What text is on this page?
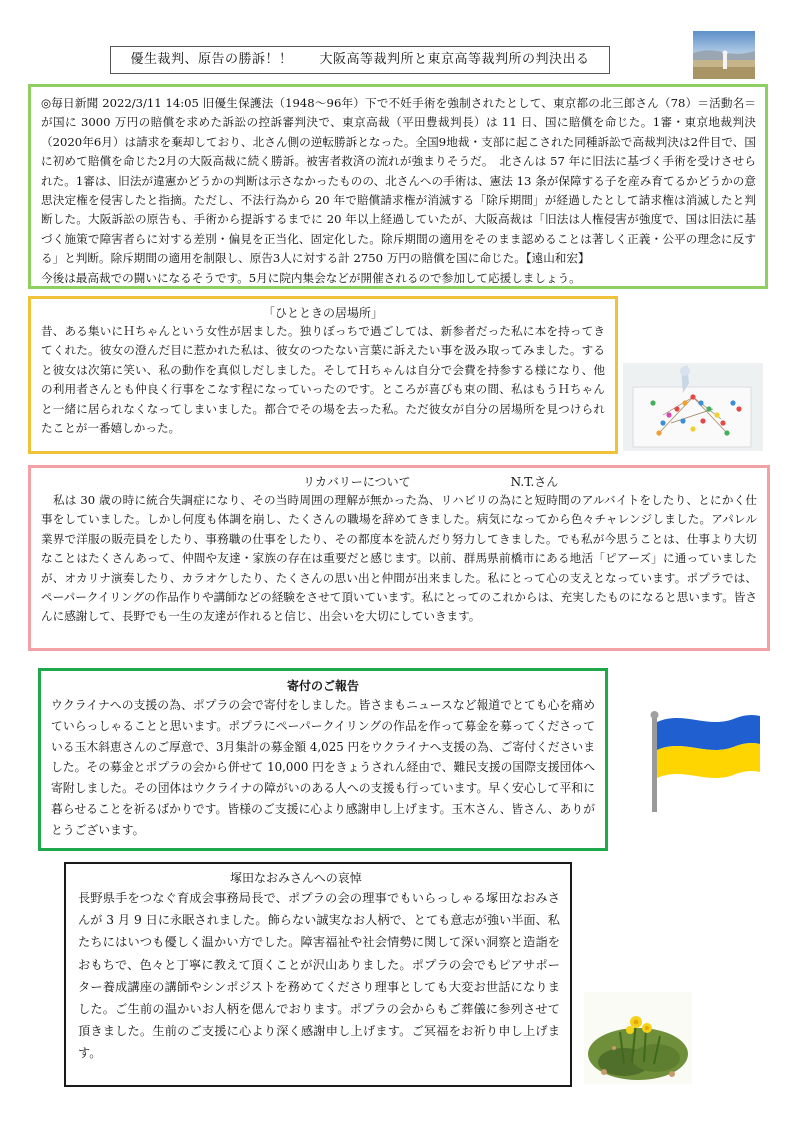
優生裁判、原告の勝訴！！　　大阪高等裁判所と東京高等裁判所の判決出る

◎毎日新聞 2022/3/11 14:05 旧優生保護法（1948〜96年）下で不妊手術を強制されたとして、東京都の北三郎さん（78）＝活動名＝が国に 3000 万円の賠償を求めた訴訟の控訴審判決で、東京高裁（平田豊裁判長）は 11 日、国に賠償を命じた。1審・東京地裁判決（2020年6月）は請求を棄却しており、北さん側の逆転勝訴となった。全国9地裁・支部に起こされた同種訴訟で高裁判決は2件目で、国に初めて賠償を命じた2月の大阪高裁に続く勝訴。被害者救済の流れが強まりそうだ。　北さんは 57 年に旧法に基づく手術を受けさせられた。1審は、旧法が違憲かどうかの判断は示さなかったものの、北さんへの手術は、憲法 13 条が保障する子を産み育てるかどうかの意思決定権を侵害したと指摘。ただし、不法行為から 20 年で賠償請求権が消滅する「除斥期間」が経過したとして請求権は消滅したと判断した。大阪訴訟の原告も、手術から提訴するまでに 20 年以上経過していたが、大阪高裁は「旧法は人権侵害が強度で、国は旧法に基づく施策で障害者らに対する差別・偏見を正当化、固定化した。除斥期間の適用をそのまま認めることは著しく正義・公平の理念に反する」と判断。除斥期間の適用を制限し、原告3人に対する計 2750 万円の賠償を国に命じた。【遠山和宏】

今後は最高裁での闘いになるそうです。5月に院内集会などが開催されるので参加して応援しましょう。

「ひとときの居場所」

昔、ある集いにＨちゃんという女性が居ました。独りぼっちで過ごしては、新参者だった私に本を持ってきてくれた。彼女の澄んだ目に惹かれた私は、彼女のつたない言葉に訴えたい事を汲み取ってみました。すると彼女は次第に笑い、私の動作を真似しだしました。そしてＨちゃんは自分で会費を持参する様になり、他の利用者さんとも仲良く行事をこなす程になっていったのです。ところが喜びも束の間、私はもうＨちゃんと一緒に居られなくなってしまいました。都合でその場を去った私。ただ彼女が自分の居場所を見つけられたことが一番嬉しかった。

リカバリーについて	N.T.さん

私は 30 歳の時に統合失調症になり、その当時周囲の理解が無かった為、リハビリの為にと短時間のアルバイトをしたり、とにかく仕事をしていました。しかし何度も体調を崩し、たくさんの職場を辞めてきました。病気になってから色々チャレンジしました。アパレル業界で洋服の販売員をしたり、事務職の仕事をしたり、その都度本を読んだり努力してきました。でも私が今思うことは、仕事より大切なことはたくさんあって、仲間や友達・家族の存在は重要だと感じます。以前、群馬県前橋市にある地活「ピアーズ」に通っていましたが、オカリナ演奏したり、カラオケしたり、たくさんの思い出と仲間が出来ました。私にとって心の支えとなっています。ポプラでは、ペーパークイリングの作品作りや講師などの経験をさせて頂いています。私にとってのこれからは、充実したものになると思います。皆さんに感謝して、長野でも一生の友達が作れると信じ、出会いを大切にしていきます。

寄付のご報告

ウクライナへの支援の為、ポプラの会で寄付をしました。皆さまもニュースなど報道でとても心を痛めていらっしゃることと思います。ポプラにペーパークイリングの作品を作って募金を募ってくださっている玉木斜恵さんのご厚意で、3月集計の募金額 4,025 円をウクライナへ支援の為、ご寄付くださいました。その募金とポプラの会から併せて 10,000 円をきょうされん経由で、難民支援の国際支援団体へ寄附しました。その団体はウクライナの障がいのある人への支援も行っています。早く安心して平和に暮らせることを祈るばかりです。皆様のご支援に心より感謝申し上げます。玉木さん、皆さん、ありがとうございます。

塚田なおみさんへの哀悼

長野県手をつなぐ育成会事務局長で、ポプラの会の理事でもいらっしゃる塚田なおみさんが 3 月 9 日に永眠されました。飾らない誠実なお人柄で、とても意志が強い半面、私たちにはいつも優しく温かい方でした。障害福祉や社会情勢に関して深い洞察と造詣をおもちで、色々と丁寧に教えて頂くことが沢山ありました。ポプラの会でもピアサポーター養成講座の講師やシンポジストを務めてくださり理事としても大変お世話になりました。ご生前の温かいお人柄を偲んでおります。ポプラの会からもご葬儀に参列させて頂きました。生前のご支援に心より深く感謝申し上げます。ご冥福をお祈り申し上げます。
